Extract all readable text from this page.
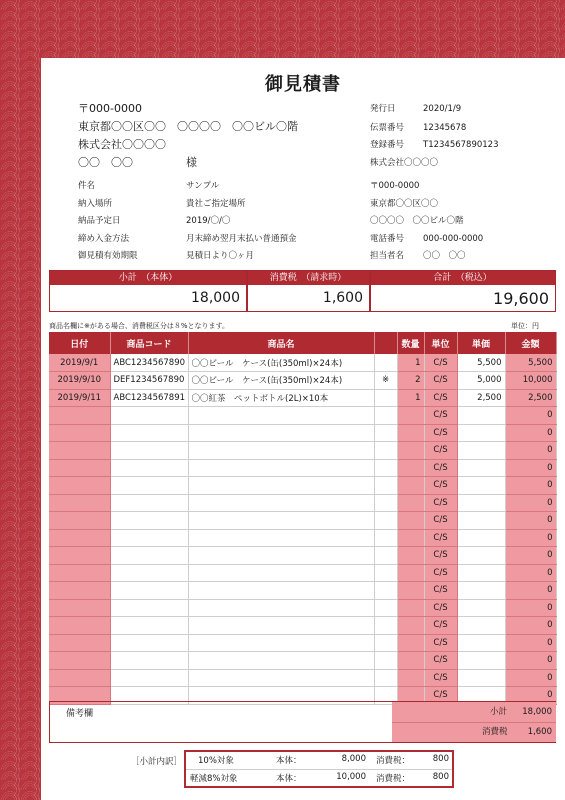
御見積書
〒000-0000
東京都〇〇区〇〇　〇〇〇〇　〇〇ビル〇階
株式会社〇〇〇〇
〇〇　〇〇	様
発行日	2020/1/9
伝票番号 12345678
登録番号 T1234567890123
株式会社〇〇〇〇
件名	サンプル
納入場所	貴社ご指定場所
納品予定日	2019/〇/〇
締め入金方法	月末締め翌月末払い普通預金
御見積有効期限	見積日より〇ヶ月
〒000-0000
東京都〇〇区〇〇
〇〇〇〇　〇〇ビル〇階
電話番号 000-000-0000
担当者名 〇〇　〇〇
小計　（本体）	消費税　（請求時）	合計　（税込）
18,000	1,600	19,600
商品名欄に※がある場合、消費税区分は８%となります。	単位：円
日付	商品コード	商品名		数量	単位	単価	金額
2019/9/1	ABC1234567890	〇〇ビール　ケース(缶(350ml)×24本)		1	C/S	5,500	5,500
2019/9/10	DEF1234567890	〇〇ビール　ケース(缶(350ml)×24本)	※	2	C/S	5,000	10,000
2019/9/11	ABC1234567891	〇〇紅茶　ペットボトル(2L)×10本		1	C/S	2,500	2,500
					C/S		0
					C/S		0
					C/S		0
					C/S		0
					C/S		0
					C/S		0
					C/S		0
					C/S		0
					C/S		0
					C/S		0
					C/S		0
					C/S		0
					C/S		0
					C/S		0
					C/S		0
					C/S		0
					C/S		0
備考欄	小計 18,000
消費税	1,600
［小計内訳］ 10%対象	本体：	8,000 消費税：	800
軽減8%対象	本体：	10,000 消費税：	800
